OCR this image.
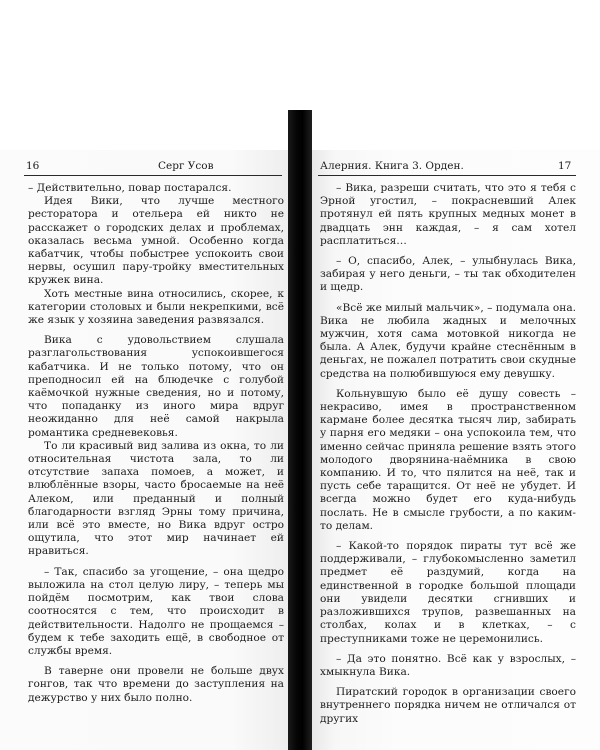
16	Серг Усов	Алерния. Книга 3. Орден.	17

– Действительно, повар постарался.

Идея Вики, что лучше местного ресторатора и отельера ей никто не расскажет о городских делах и проблемах, оказалась весьма умной. Особенно когда кабатчик, чтобы побыстрее успокоить свои нервы, осушил пару-тройку вместительных кружек вина.

Хоть местные вина относились, скорее, к категории столовых и были некрепкими, всё же язык у хозяина заведения развязался.

Вика с удовольствием слушала разглагольствования успокоившегося кабатчика. И не только потому, что он преподносил ей на блюдечке с голубой каёмочкой нужные сведения, но и потому, что попаданку из иного мира вдруг неожиданно для неё самой накрыла романтика средневековья.

То ли красивый вид залива из окна, то ли относительная чистота зала, то ли отсутствие запаха помоев, а может, и влюблённые взоры, часто бросаемые на неё Алеком, или преданный и полный благодарности взгляд Эрны тому причина, или всё это вместе, но Вика вдруг остро ощутила, что этот мир начинает ей нравиться.

– Так, спасибо за угощение, – она щедро выложила на стол целую лиру, – теперь мы пойдём посмотрим, как твои слова соотносятся с тем, что происходит в действительности. Надолго не прощаемся – будем к тебе заходить ещё, в свободное от службы время.

В таверне они провели не больше двух гонгов, так что времени до заступления на дежурство у них было полно.

– Вика, разреши считать, что это я тебя с Эрной угостил, – покрасневший Алек протянул ей пять крупных медных монет в двадцать энн каждая, – я сам хотел расплатиться…

– О, спасибо, Алек, – улыбнулась Вика, забирая у него деньги, – ты так обходителен и щедр.

«Всё же милый мальчик», – подумала она. Вика не любила жадных и мелочных мужчин, хотя сама мотовкой никогда не была. А Алек, будучи крайне стеснённым в деньгах, не пожалел потратить свои скудные средства на полюбившуюся ему девушку.

Кольнувшую было её душу совесть – некрасиво, имея в пространственном кармане более десятка тысяч лир, забирать у парня его медяки – она успокоила тем, что именно сейчас приняла решение взять этого молодого дворянина-наёмника в свою компанию. И то, что пялится на неё, так и пусть себе таращится. От неё не убудет. И всегда можно будет его куда-нибудь послать. Не в смысле грубости, а по каким-то делам.

– Какой-то порядок пираты тут всё же поддерживали, – глубокомысленно заметил предмет её раздумий, когда на единственной в городке большой площади они увидели десятки сгнивших и разложившихся трупов, развешанных на столбах, колах и в клетках, – с преступниками тоже не церемонились.

– Да это понятно. Всё как у взрослых, – хмыкнула Вика.

Пиратский городок в организации своего внутреннего порядка ничем не отличался от других
